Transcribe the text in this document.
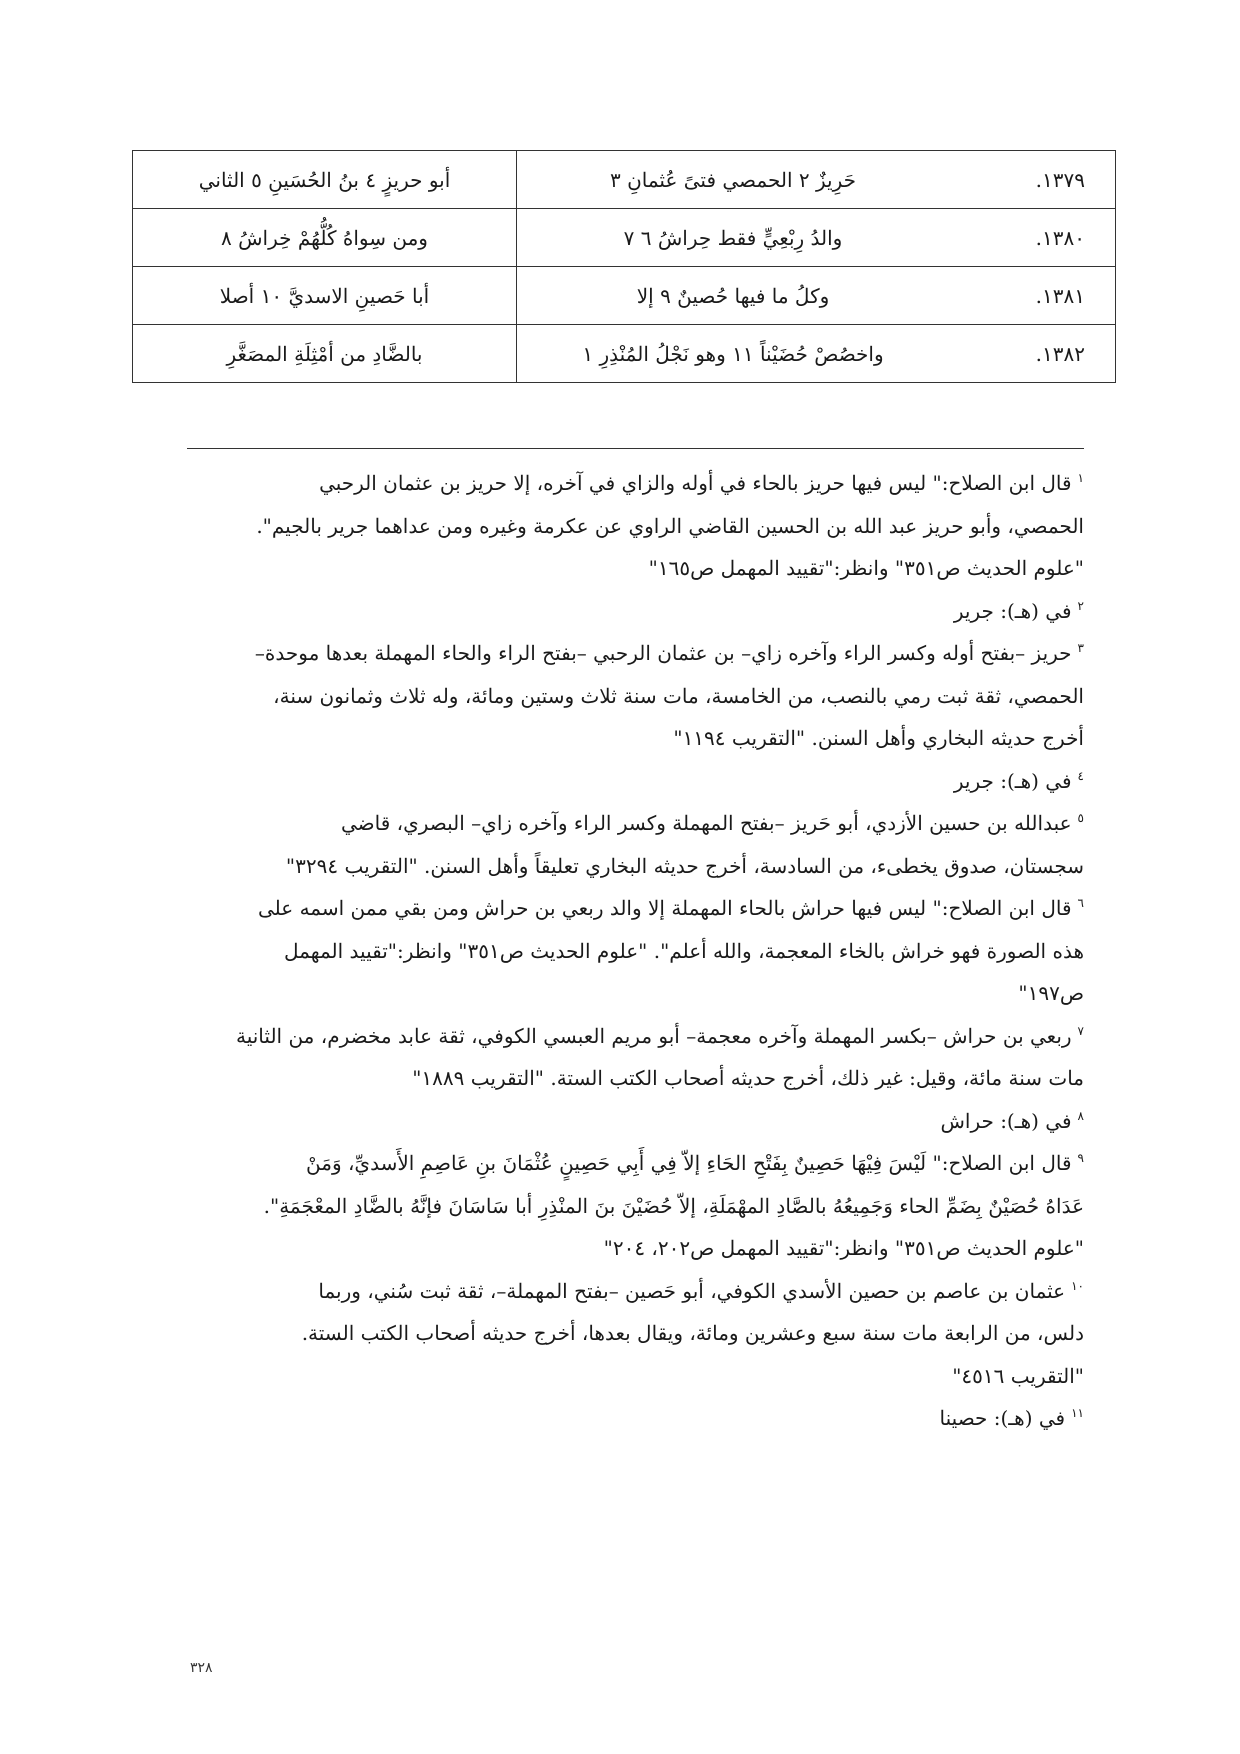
١٣٧٩.	حَرِيزٌ ٢ الحمصي فتىً عُثمانِ ٣	أبو حريزٍ ٤ بنُ الحُسَينِ ٥ الثاني
١٣٨٠.	والدُ رِبْعِيٍّ فقط حِراشُ ٦ ٧	ومن سِواهُ كُلُّهُمْ خِراشُ ٨
١٣٨١.	وكلُ ما فيها حُصينٌ ٩ إلا	أبا حَصينِ الاسديَّ ١٠ أصلا
١٣٨٢.	واخصُصْ حُضَيْناً ١١ وهو نَجْلُ المُنْذِرِ ١	بالضَّادِ من أمْثِلَةِ المصَغَّرِ
$^١$قال ابن الصلاح:" ليس فيها حريز بالحاء في أوله والزاي في آخره، إلا حريز بن عثمان الرحبي
الحمصي، وأبو حريز عبد الله بن الحسين القاضي الراوي عن عكرمة وغيره ومن عداهما جرير بالجيم".
"علوم الحديث ص٣٥١" وانظر:"تقييد المهمل ص١٦٥"
$^٢$في (هـ): جرير
$^٣$حريز –بفتح أوله وكسر الراء وآخره زاي– بن عثمان الرحبي –بفتح الراء والحاء المهملة بعدها موحدة–
الحمصي، ثقة ثبت رمي بالنصب، من الخامسة، مات سنة ثلاث وستين ومائة، وله ثلاث وثمانون سنة،
أخرج حديثه البخاري وأهل السنن. "التقريب ١١٩٤"
$^٤$في (هـ): جرير
$^٥$عبدالله بن حسين الأزدي، أبو حَريز –بفتح المهملة وكسر الراء وآخره زاي– البصري، قاضي
سجستان، صدوق يخطىء، من السادسة، أخرج حديثه البخاري تعليقاً وأهل السنن. "التقريب ٣٢٩٤"
$^٦$قال ابن الصلاح:" ليس فيها حراش بالحاء المهملة إلا والد ربعي بن حراش ومن بقي ممن اسمه على
هذه الصورة فهو خراش بالخاء المعجمة، والله أعلم". "علوم الحديث ص٣٥١" وانظر:"تقييد المهمل
ص١٩٧"
$^٧$ربعي بن حراش –بكسر المهملة وآخره معجمة– أبو مريم العبسي الكوفي، ثقة عابد مخضرم، من الثانية
مات سنة مائة، وقيل: غير ذلك، أخرج حديثه أصحاب الكتب الستة. "التقريب ١٨٨٩"
$^٨$في (هـ): حراش
$^٩$قال ابن الصلاح:" لَيْسَ فِيْهَا حَصِينٌ بِفَتْحِ الحَاءِ إلاّ فِي أَبِي حَصِينٍ عُثْمَانَ بنِ عَاصِمِ الأَسديِّ، وَمَنْ
عَدَاهُ حُصَيْنٌ بِضَمِّ الحاء وَجَمِيعُهُ بالصَّادِ المهْمَلَةِ، إلاّ حُضَيْنَ بنَ المنْذِرِ أبا سَاسَانَ فإنَّهُ بالضَّادِ المعْجَمَةِ".
"علوم الحديث ص٣٥١" وانظر:"تقييد المهمل ص٢٠٢، ٢٠٤"
$^{١٠}$عثمان بن عاصم بن حصين الأسدي الكوفي، أبو حَصين –بفتح المهملة–، ثقة ثبت سُني، وربما
دلس، من الرابعة مات سنة سبع وعشرين ومائة، ويقال بعدها، أخرج حديثه أصحاب الكتب الستة.
"التقريب ٤٥١٦"
$^{١١}$في (هـ): حصينا
٣٢٨
